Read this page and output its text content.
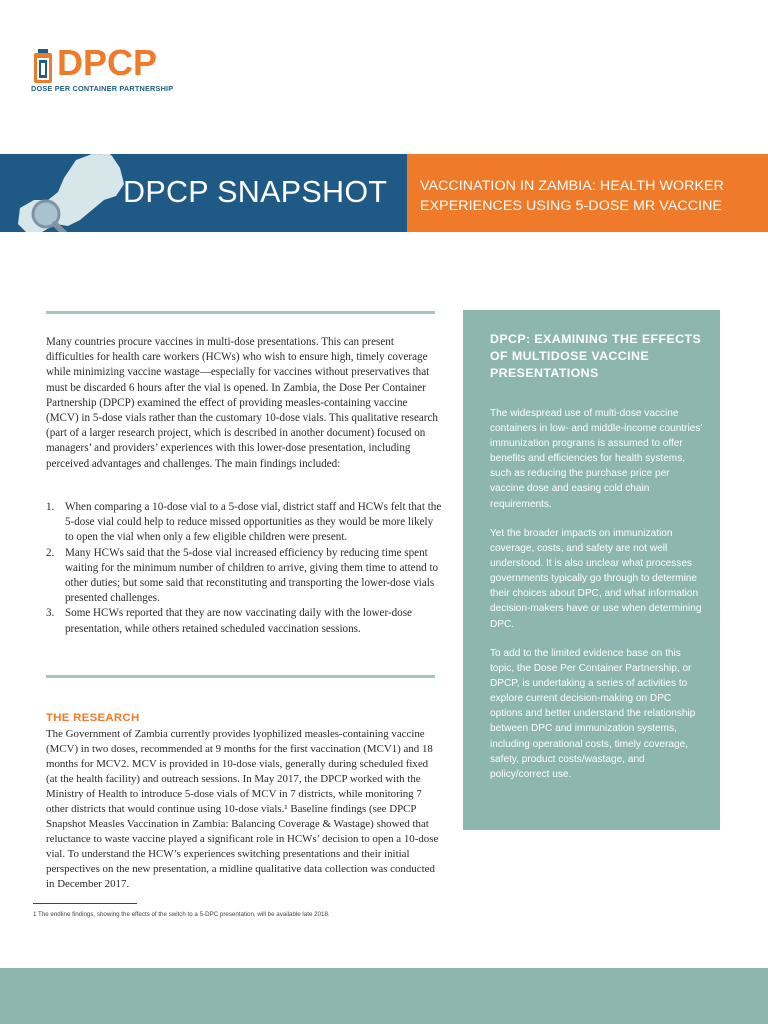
DPCP
DOSE PER CONTAINER PARTNERSHIP
DPCP SNAPSHOT VACCINATION IN ZAMBIA: HEALTH WORKER EXPERIENCES USING 5-DOSE MR VACCINE

Many countries procure vaccines in multi-dose presentations. This can present difficulties for health care workers (HCWs) who wish to ensure high, timely coverage while minimizing vaccine wastage—especially for vaccines without preservatives that must be discarded 6 hours after the vial is opened. In Zambia, the Dose Per Container Partnership (DPCP) examined the effect of providing measles-containing vaccine (MCV) in 5-dose vials rather than the customary 10-dose vials. This qualitative research (part of a larger research project, which is described in another document) focused on managers’ and providers’ experiences with this lower-dose presentation, including perceived advantages and challenges. The main findings included:

1. When comparing a 10-dose vial to a 5-dose vial, district staff and HCWs felt that the 5-dose vial could help to reduce missed opportunities as they would be more likely to open the vial when only a few eligible children were present.
2. Many HCWs said that the 5-dose vial increased efficiency by reducing time spent waiting for the minimum number of children to arrive, giving them time to attend to other duties; but some said that reconstituting and transporting the lower-dose vials presented challenges.
3. Some HCWs reported that they are now vaccinating daily with the lower-dose presentation, while others retained scheduled vaccination sessions.
THE RESEARCH

The Government of Zambia currently provides lyophilized measles-containing vaccine (MCV) in two doses, recommended at 9 months for the first vaccination (MCV1) and 18 months for MCV2. MCV is provided in 10-dose vials, generally during scheduled fixed (at the health facility) and outreach sessions. In May 2017, the DPCP worked with the Ministry of Health to introduce 5-dose vials of MCV in 7 districts, while monitoring 7 other districts that would continue using 10-dose vials.¹ Baseline findings (see DPCP Snapshot Measles Vaccination in Zambia: Balancing Coverage & Wastage) showed that reluctance to waste vaccine played a significant role in HCWs’ decision to open a 10-dose vial. To understand the HCW’s experiences switching presentations and their initial perspectives on the new presentation, a midline qualitative data collection was conducted in December 2017.

1 The endline findings, showing the effects of the switch to a 5-DPC presentation, will be available late 2018.
DPCP: EXAMINING THE EFFECTS OF MULTIDOSE VACCINE PRESENTATIONS

The widespread use of multi-dose vaccine containers in low- and middle-income countries’ immunization programs is assumed to offer benefits and efficiencies for health systems, such as reducing the purchase price per vaccine dose and easing cold chain requirements.

Yet the broader impacts on immunization coverage, costs, and safety are not well understood. It is also unclear what processes governments typically go through to determine their choices about DPC, and what information decision-makers have or use when determining DPC.

To add to the limited evidence base on this topic, the Dose Per Container Partnership, or DPCP, is undertaking a series of activities to explore current decision-making on DPC options and better understand the relationship between DPC and immunization systems, including operational costs, timely coverage, safety, product costs/wastage, and policy/correct use.
